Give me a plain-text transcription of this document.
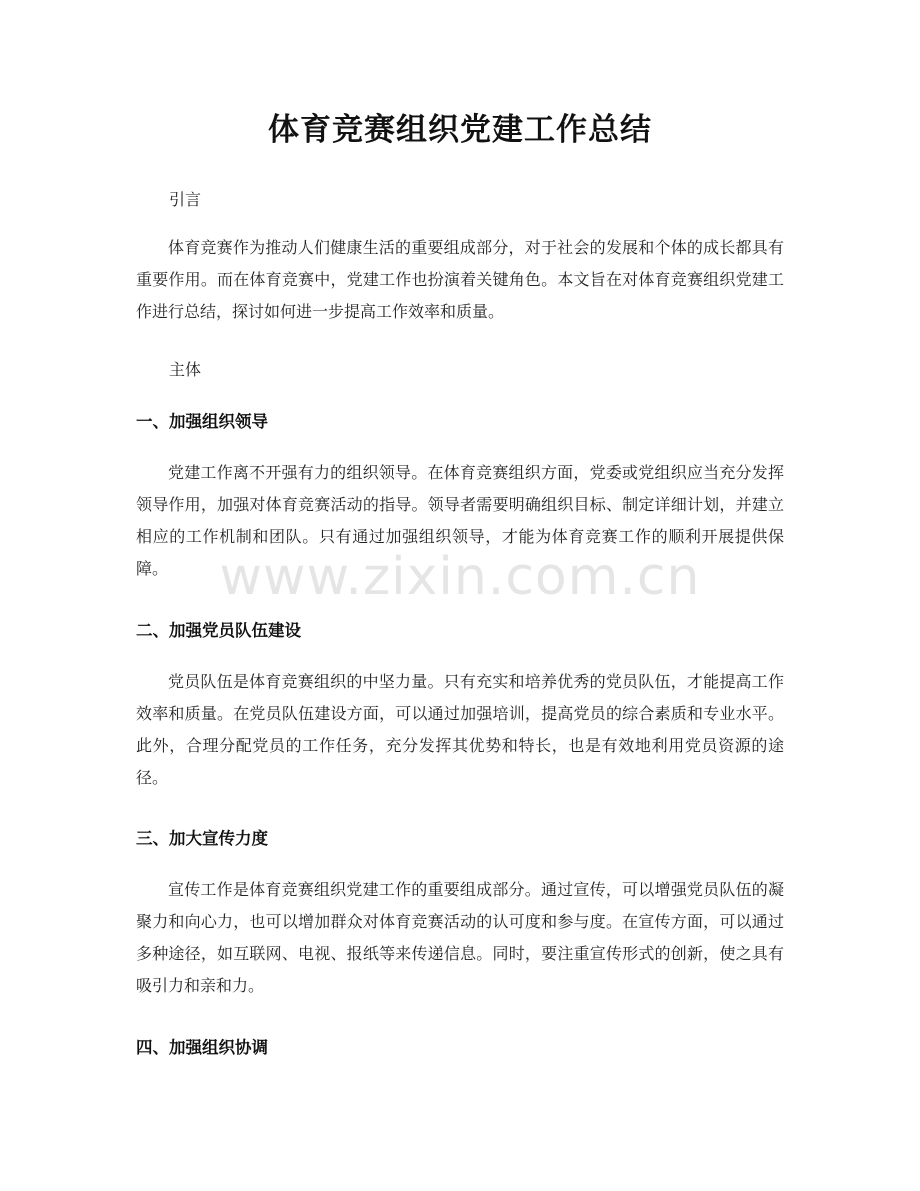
体育竞赛组织党建工作总结
引言
体育竞赛作为推动人们健康生活的重要组成部分，对于社会的发展和个体的成长都具有重要作用。而在体育竞赛中，党建工作也扮演着关键角色。本文旨在对体育竞赛组织党建工作进行总结，探讨如何进一步提高工作效率和质量。
主体
一、加强组织领导
党建工作离不开强有力的组织领导。在体育竞赛组织方面，党委或党组织应当充分发挥领导作用，加强对体育竞赛活动的指导。领导者需要明确组织目标、制定详细计划，并建立相应的工作机制和团队。只有通过加强组织领导，才能为体育竞赛工作的顺利开展提供保障。
二、加强党员队伍建设
党员队伍是体育竞赛组织的中坚力量。只有充实和培养优秀的党员队伍，才能提高工作效率和质量。在党员队伍建设方面，可以通过加强培训，提高党员的综合素质和专业水平。此外，合理分配党员的工作任务，充分发挥其优势和特长，也是有效地利用党员资源的途径。
三、加大宣传力度
宣传工作是体育竞赛组织党建工作的重要组成部分。通过宣传，可以增强党员队伍的凝聚力和向心力，也可以增加群众对体育竞赛活动的认可度和参与度。在宣传方面，可以通过多种途径，如互联网、电视、报纸等来传递信息。同时，要注重宣传形式的创新，使之具有吸引力和亲和力。
四、加强组织协调
www.zixin.com.cn
